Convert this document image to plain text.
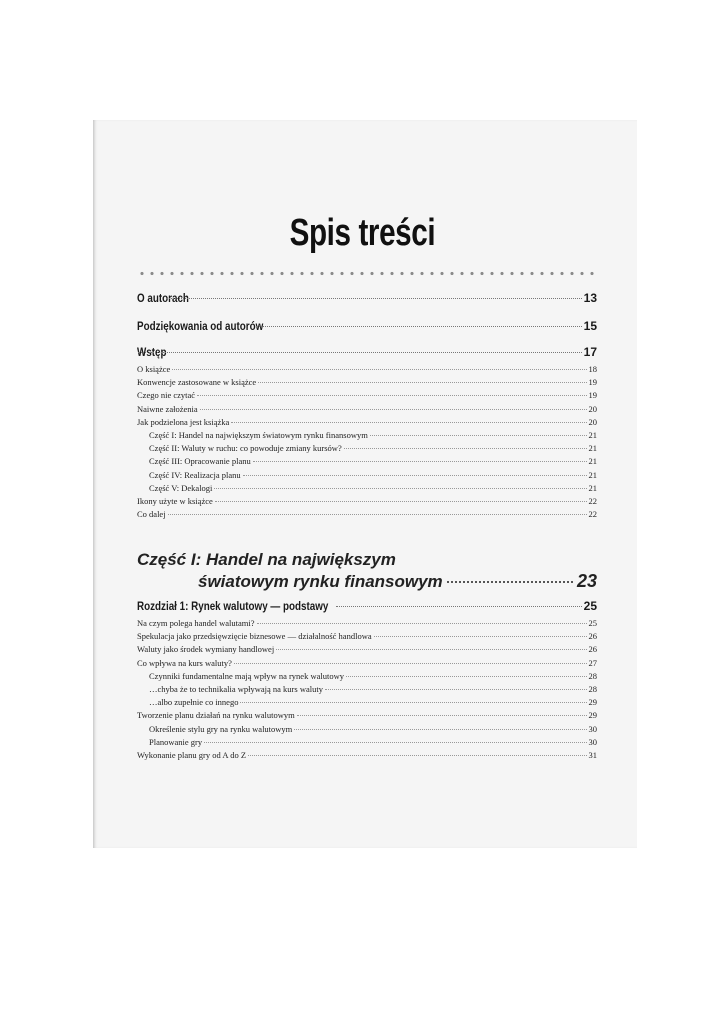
Spis treści
O autorach	13
Podziękowania od autorów	15
Wstęp	17
O książce	18
Konwencje zastosowane w książce	19
Czego nie czytać	19
Naiwne założenia	20
Jak podzielona jest książka	20
Część I: Handel na największym światowym rynku finansowym	21
Część II: Waluty w ruchu: co powoduje zmiany kursów?	21
Część III: Opracowanie planu	21
Część IV: Realizacja planu	21
Część V: Dekalogi	21
Ikony użyte w książce	22
Co dalej	22
Część I: Handel na największym
światowym rynku finansowym	23
Rozdział 1: Rynek walutowy — podstawy	25
Na czym polega handel walutami?	25
Spekulacja jako przedsięwzięcie biznesowe — działalność handlowa	26
Waluty jako środek wymiany handlowej	26
Co wpływa na kurs waluty?	27
Czynniki fundamentalne mają wpływ na rynek walutowy	28
…chyba że to technikalia wpływają na kurs waluty	28
…albo zupełnie co innego	29
Tworzenie planu działań na rynku walutowym	29
Określenie stylu gry na rynku walutowym	30
Planowanie gry	30
Wykonanie planu gry od A do Z	31
